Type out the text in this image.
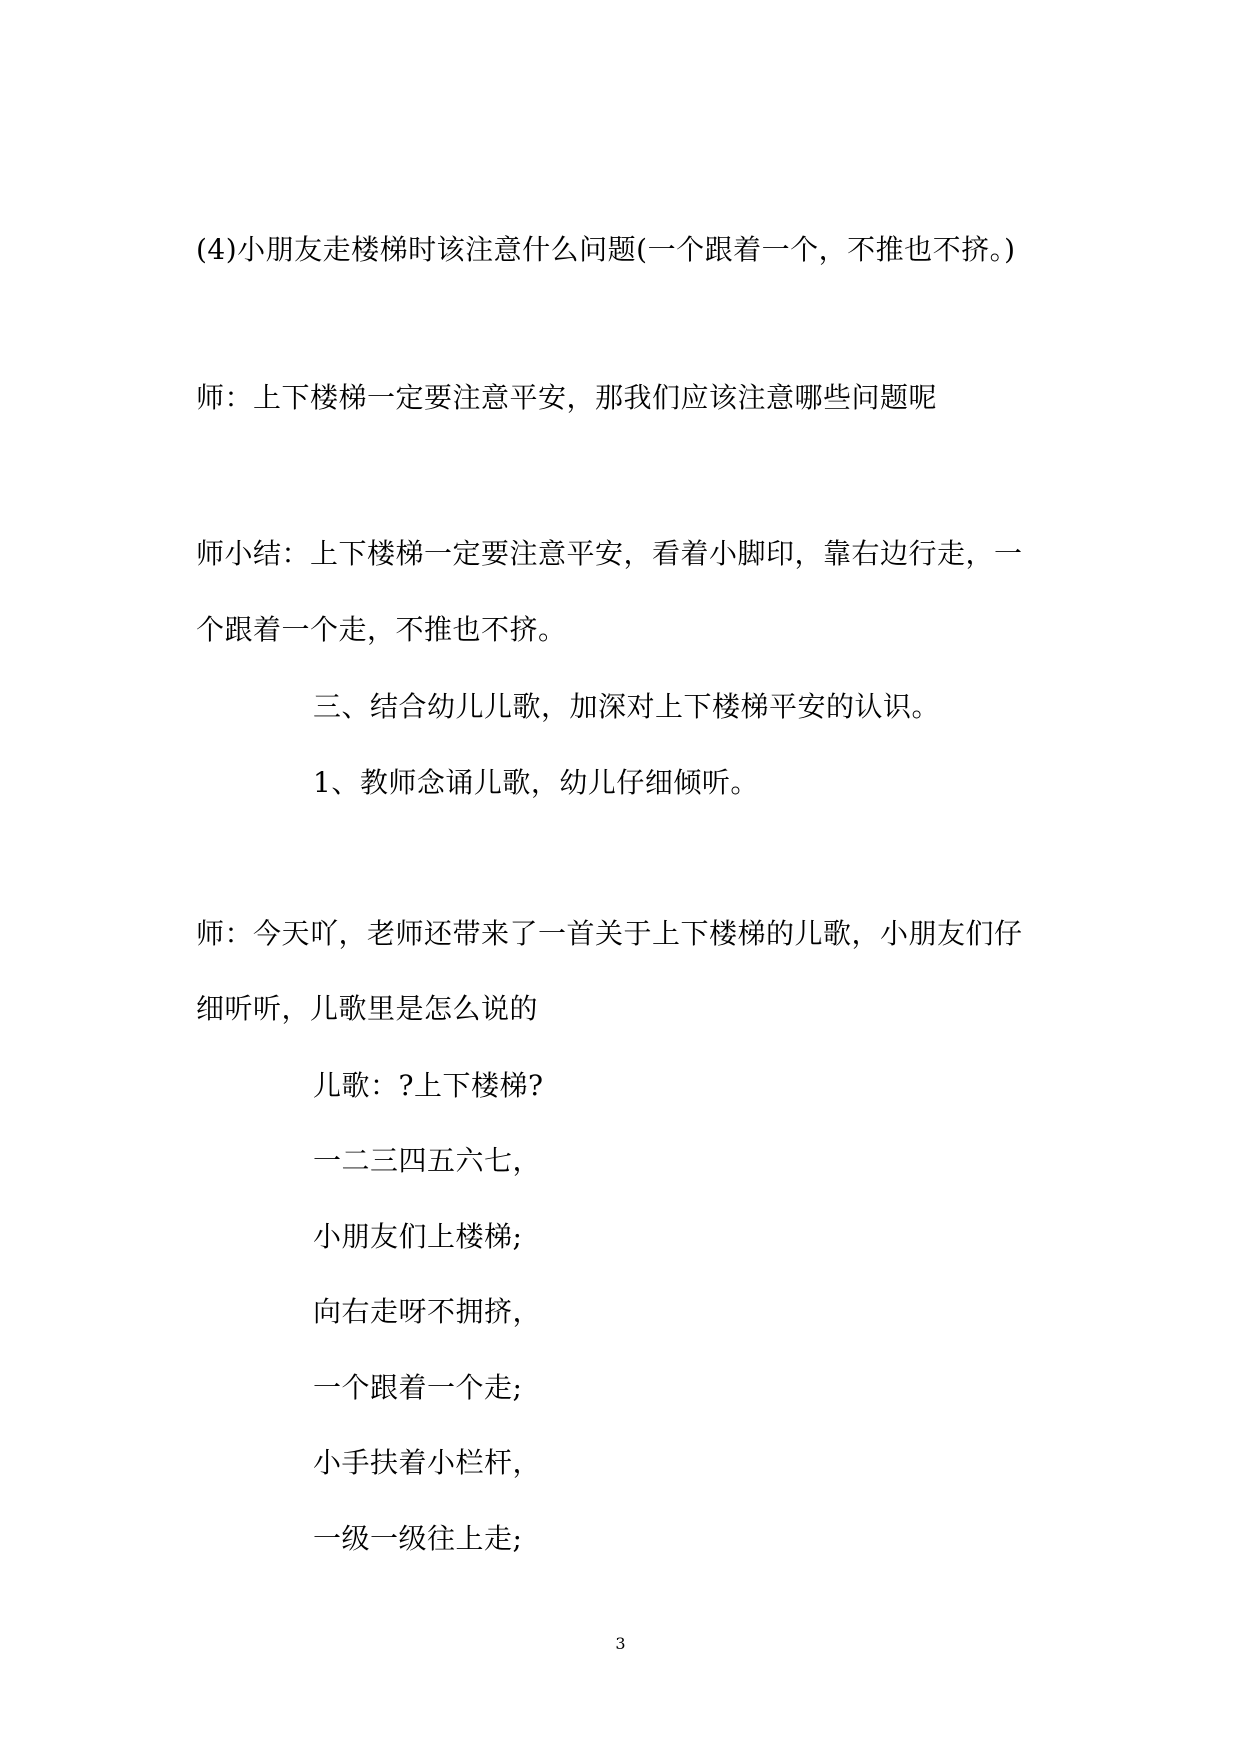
(4)小朋友走楼梯时该注意什么问题(一个跟着一个，不推也不挤。)
师：上下楼梯一定要注意平安，那我们应该注意哪些问题呢
师小结：上下楼梯一定要注意平安，看着小脚印，靠右边行走，一
个跟着一个走，不推也不挤。
三、结合幼儿儿歌，加深对上下楼梯平安的认识。
1、教师念诵儿歌，幼儿仔细倾听。
师：今天吖，老师还带来了一首关于上下楼梯的儿歌，小朋友们仔
细听听，儿歌里是怎么说的
儿歌：?上下楼梯?
一二三四五六七，
小朋友们上楼梯;
向右走呀不拥挤，
一个跟着一个走;
小手扶着小栏杆，
一级一级往上走;
3
